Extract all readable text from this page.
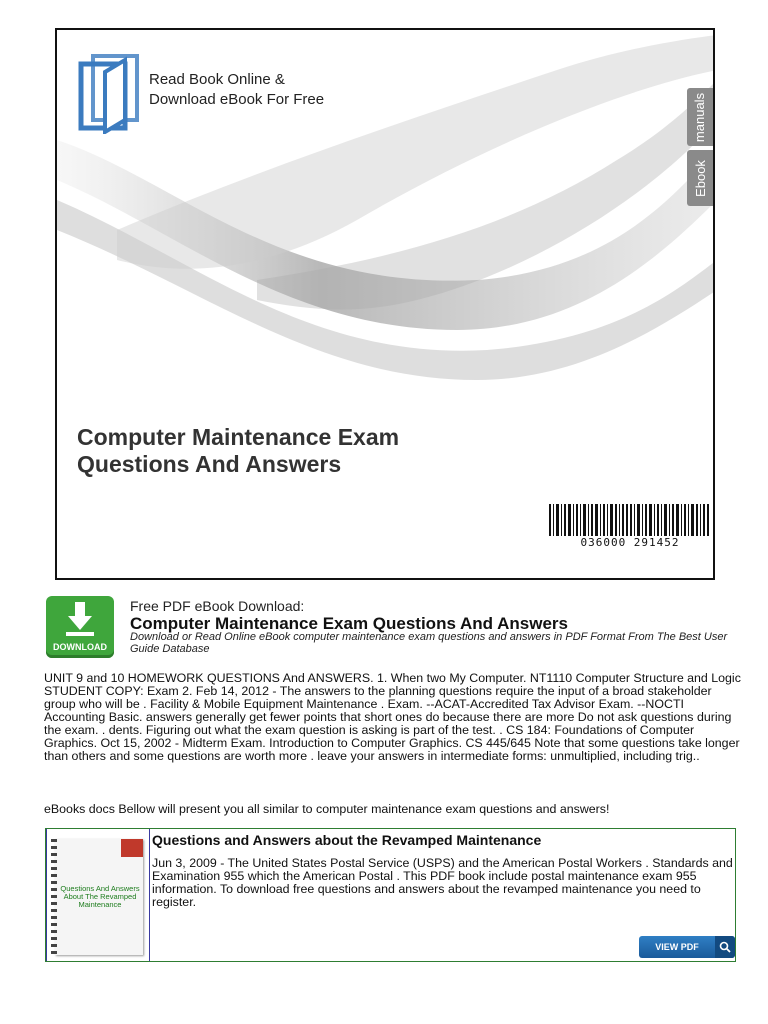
Read Book Online &
Download eBook For Free	manuals
Ebook
Computer Maintenance Exam Questions And Answers
036000 291452
DOWNLOAD
Free PDF eBook Download:
Computer Maintenance Exam Questions And Answers
Download or Read Online eBook computer maintenance exam questions and answers in PDF Format From The Best User Guide Database
UNIT 9 and 10 HOMEWORK QUESTIONS And ANSWERS. 1. When two My Computer. NT1110 Computer Structure and Logic STUDENT COPY: Exam 2. Feb 14, 2012 - The answers to the planning questions require the input of a broad stakeholder group who will be . Facility & Mobile Equipment Maintenance . Exam. --ACAT-Accredited Tax Advisor Exam. --NOCTI Accounting Basic. answers generally get fewer points that short ones do because there are more Do not ask questions during the exam. . dents. Figuring out what the exam question is asking is part of the test. . CS 184: Foundations of Computer Graphics. Oct 15, 2002 - Midterm Exam. Introduction to Computer Graphics. CS 445/645 Note that some questions take longer than others and some questions are worth more . leave your answers in intermediate forms: unmultiplied, including trig..
eBooks docs Bellow will present you all similar to computer maintenance exam questions and answers!
Questions And Answers About The Revamped Maintenance
Questions and Answers about the Revamped Maintenance
Jun 3, 2009 - The United States Postal Service (USPS) and the American Postal Workers . Standards and Examination 955 which the American Postal . This PDF book include postal maintenance exam 955 information. To download free questions and answers about the revamped maintenance you need to register.
VIEW PDF
